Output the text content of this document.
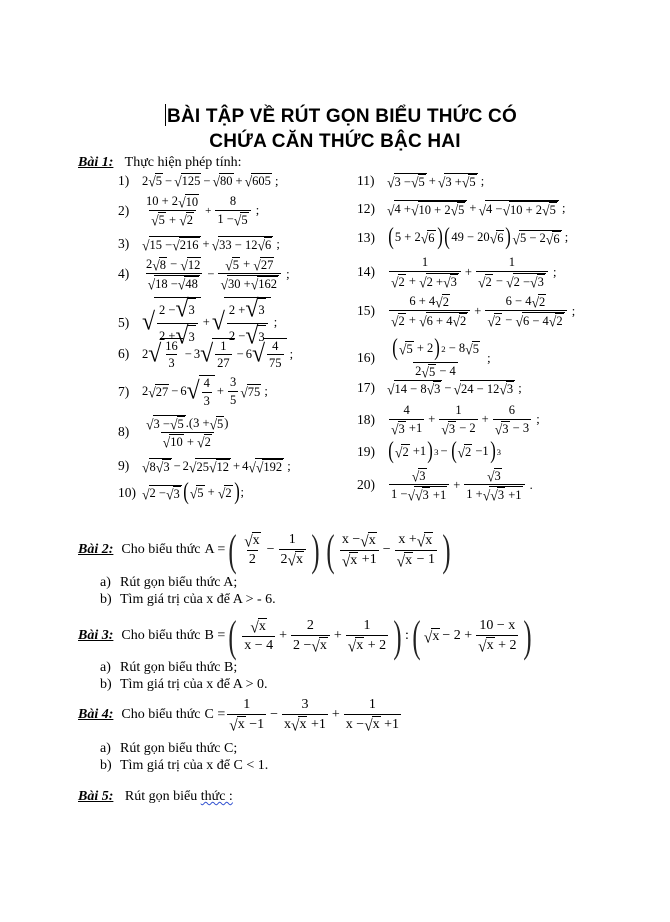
BÀI TẬP VỀ RÚT GỌN BIỂU THỨC CÓ
CHỨA CĂN THỨC BẬC HAI
Bài 1: Thực hiện phép tính:
1)	2 √ 5 − √ 125 − √ 80 + √ 605 ;
2)	$\frac{10 + 2 √ 10}{√ 5 + √ 2} + \frac{8}{1 - √ 5}$ ;
3) √ 15 − √ 216 + √ 33 − 12 √ 6 ;
4)	$\frac{2 √ 8 - √ 12}{√ 18 - √ 48} - \frac{√ 5 + √ 27}{√ 30 + √ 162}$ ;
5) √ $\frac{2 - √ 3}{2 + √ 3}$ + √ $\frac{2 + √ 3}{2 - √ 3}$ ;
6)	2 √ $\frac{16}{3} - 3$ √ $\frac{1}{27} - 6$ √ $\frac{4}{75}$ ;
7)	2 √ 27 − 6 √ $\frac{4}{3} + \frac{3}{5}$ √ 75 ;
8)	$\frac{√ 3 - √ 5 .(3 + √ 5 )}{√ 10 + √ 2}$
9) √ 8 √ 3 − 2 √ 25 √ 12 + 4 √ √ 192 ;
10) √ 2 − √ 3 ( √ 5 + √ 2 ) ;
11) √ 3 − √ 5 + √ 3 + √ 5 ;
12) √ 4 + √ 10 + 2 √ 5 + √ 4 − √ 10 + 2 √ 5 ;
13) ( 5 + 2 √ 6 ) ( 49 − 20 √ 6 ) √ 5 − 2 √ 6 ;
14)	$\frac{1}{√ 2 + √ 2 + √ 3} + \frac{1}{√ 2 - √ 2 - √ 3}$ ;
15)	$\frac{6 + 4 √ 2}{√ 2 + √ 6 + 4 √ 2} + \frac{6 - 4 √ 2}{√ 2 - √ 6 - 4 √ 2}$ ;
$16) \frac{( √ 5 + 2 ) 2 - 8 √ 5}{2 √ 5 - 4}$ ;
17) √ 14 − 8 √ 3 − √ 24 − 12 √ 3 ;
18)	$\frac{4}{√ 3 +1} + \frac{1}{√ 3 - 2} + \frac{6}{√ 3 - 3}$ ;
19) ( √ 2 +1 ) 3 − ( √ 2 −1 ) 3
20)	$\frac{√ 3}{1 - √ √ 3 +1} + \frac{√ 3}{1 + √ √ 3 +1}$ .
Bài 2: Cho biểu thức A = ( $\frac{√ x}{2} - \frac{1}{2 √ x}$ ) ( $\frac{x - √ x}{√ x +1} - \frac{x + √ x}{√ x - 1}$ )
a) Rút gọn biểu thức A;
b) Tìm giá trị của x để A > - 6.
Bài 3: Cho biểu thức B = ( $\frac{√ x}{x - 4} + \frac{2}{2 - √ x} + \frac{1}{√ x + 2}$ ) : ( √ $x - 2 + \frac{10 - x}{√ x + 2}$ )
a) Rút gọn biểu thức B;
b) Tìm giá trị của x để A > 0.
Bài 4: Cho biểu thức $C = \frac{1}{√ x -1} - \frac{3}{x √ x +1} + \frac{1}{x - √ x +1}$
a) Rút gọn biểu thức C;
b) Tìm giá trị của x để C < 1.
Bài 5: Rút gọn biểu thức :
